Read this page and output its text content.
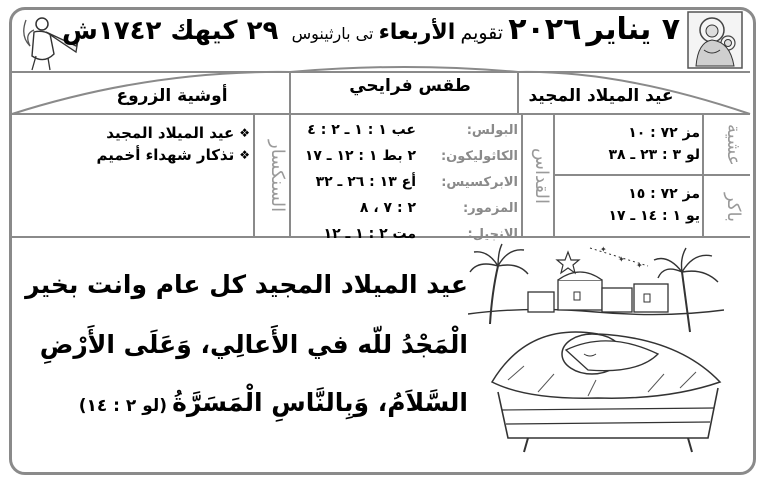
٧ يناير ٢٠٢٦ تقويم الأربعاء تى بارثينوس
٢٩ كيهك ١٧٤٢ش
عيد الميلاد المجيد
طقس فرايحي
أوشية الزروع
عشية
مز ٧٢ : ١٠
لو ٣ : ٢٣ ـ ٣٨
باكر
مز ٧٢ : ١٥
يو ١ : ١٤ ـ ١٧
القداس
البولس:
عب ١ : ١ ـ ٢ : ٤
الكاثوليكون:
٢ بط ١ : ١٢ ـ ١٧
الابركسيس:
أع ١٣ : ٢٦ ـ ٣٢
المزمور:
٢ : ٧ ، ٨
الانجيل:
مت ٢ : ١ ـ ١٢
السنكسار
❖
عيد الميلاد المجيد
❖
تذكار شهداء أخميم
عيد الميلاد المجيد كل عام وانت بخير
الْمَجْدُ للّه في الأَعالِي، وَعَلَى الأَرْضِ
السَّلاَمُ، وَبِالنَّاسِ الْمَسَرَّةُ (لو ٢ : ١٤)
✦
✦
✦
